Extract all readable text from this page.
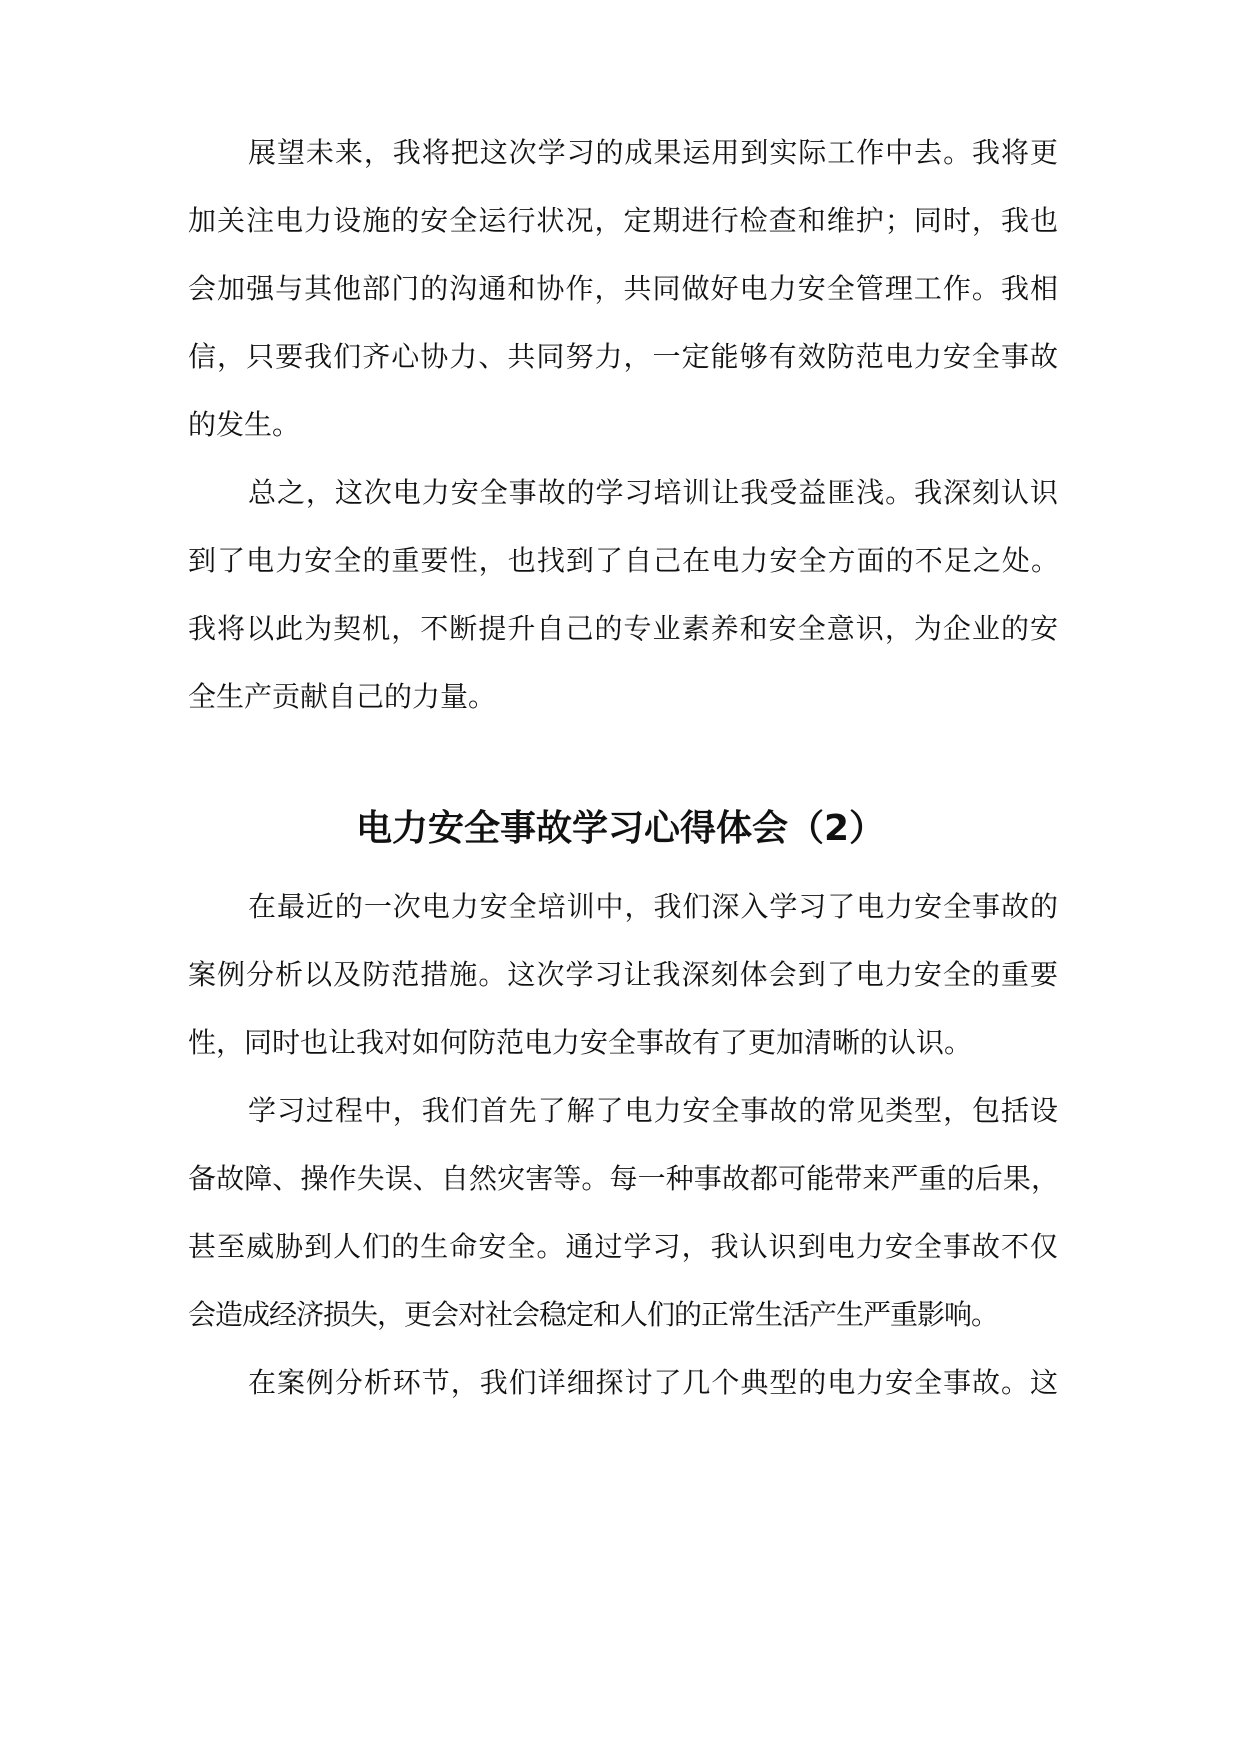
展望未来，我将把这次学习的成果运用到实际工作中去。我将更
加关注电力设施的安全运行状况，定期进行检查和维护；同时，我也
会加强与其他部门的沟通和协作，共同做好电力安全管理工作。我相
信，只要我们齐心协力、共同努力，一定能够有效防范电力安全事故
的发生。
总之，这次电力安全事故的学习培训让我受益匪浅。我深刻认识
到了电力安全的重要性，也找到了自己在电力安全方面的不足之处。
我将以此为契机，不断提升自己的专业素养和安全意识，为企业的安
全生产贡献自己的力量。
电力安全事故学习心得体会（2）
在最近的一次电力安全培训中，我们深入学习了电力安全事故的
案例分析以及防范措施。这次学习让我深刻体会到了电力安全的重要
性，同时也让我对如何防范电力安全事故有了更加清晰的认识。
学习过程中，我们首先了解了电力安全事故的常见类型，包括设
备故障、操作失误、自然灾害等。每一种事故都可能带来严重的后果，
甚至威胁到人们的生命安全。通过学习，我认识到电力安全事故不仅
会造成经济损失，更会对社会稳定和人们的正常生活产生严重影响。
在案例分析环节，我们详细探讨了几个典型的电力安全事故。这
